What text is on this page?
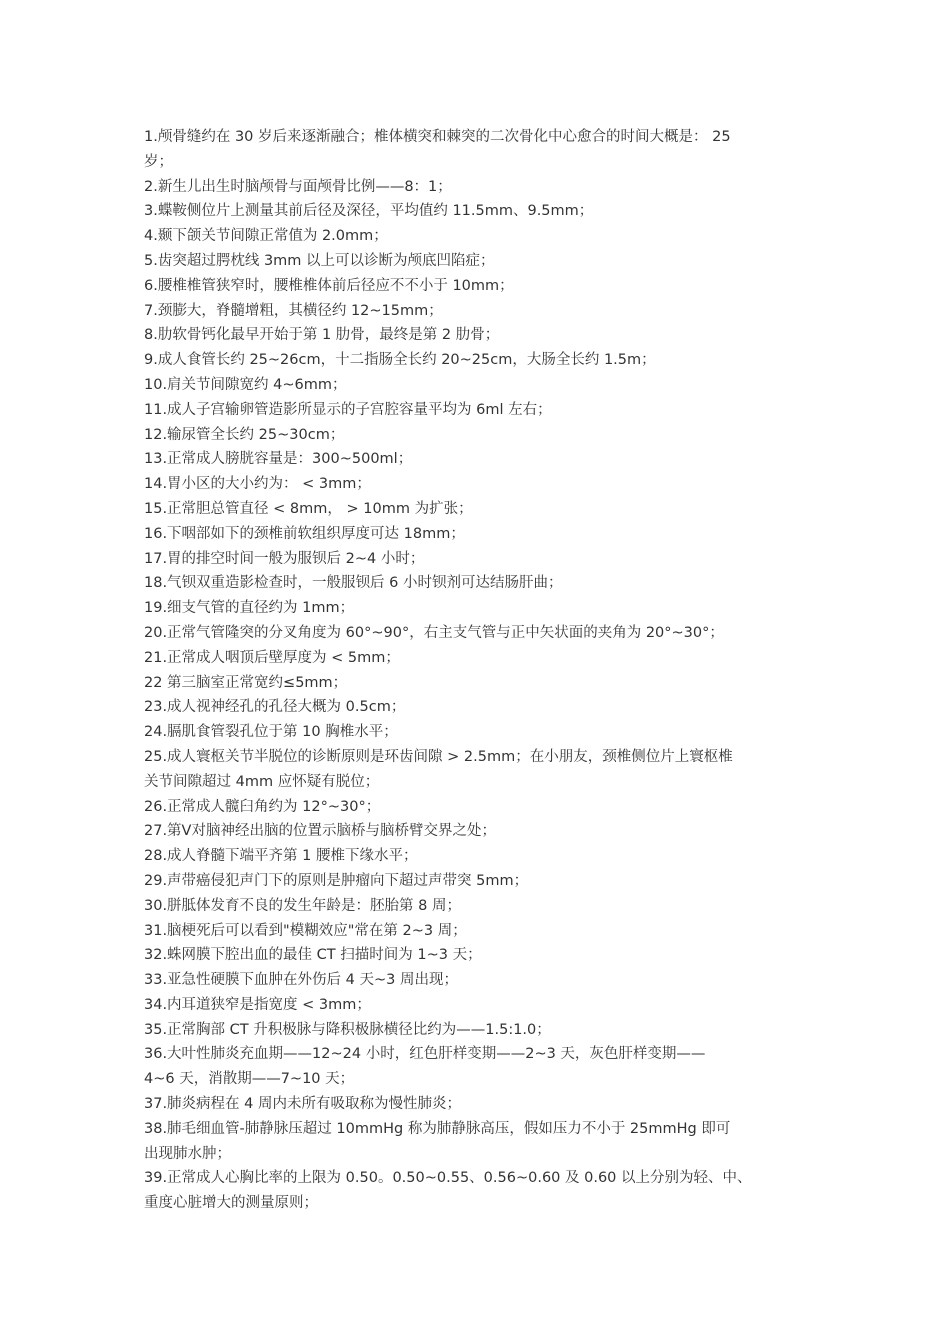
1.颅骨缝约在 30 岁后来逐渐融合；椎体横突和棘突的二次骨化中心愈合的时间大概是： 25
岁；
2.新生儿出生时脑颅骨与面颅骨比例——8：1；
3.蝶鞍侧位片上测量其前后径及深径，平均值约 11.5mm、9.5mm；
4.颞下颌关节间隙正常值为 2.0mm；
5.齿突超过腭枕线 3mm 以上可以诊断为颅底凹陷症；
6.腰椎椎管狭窄时，腰椎椎体前后径应不不小于 10mm；
7.颈膨大，脊髓增粗，其横径约 12~15mm；
8.肋软骨钙化最早开始于第 1 肋骨，最终是第 2 肋骨；
9.成人食管长约 25~26cm，十二指肠全长约 20~25cm，大肠全长约 1.5m；
10.肩关节间隙宽约 4~6mm；
11.成人子宫输卵管造影所显示的子宫腔容量平均为 6ml 左右；
12.输尿管全长约 25~30cm；
13.正常成人膀胱容量是：300~500ml；
14.胃小区的大小约为： < 3mm；
15.正常胆总管直径 < 8mm， > 10mm 为扩张；
16.下咽部如下的颈椎前软组织厚度可达 18mm；
17.胃的排空时间一般为服钡后 2~4 小时；
18.气钡双重造影检查时，一般服钡后 6 小时钡剂可达结肠肝曲；
19.细支气管的直径约为 1mm；
20.正常气管隆突的分叉角度为 60°~90°，右主支气管与正中矢状面的夹角为 20°~30°；
21.正常成人咽顶后壁厚度为 < 5mm；
22 第三脑室正常宽约≤5mm；
23.成人视神经孔的孔径大概为 0.5cm；
24.膈肌食管裂孔位于第 10 胸椎水平；
25.成人寰枢关节半脱位的诊断原则是环齿间隙 > 2.5mm；在小朋友，颈椎侧位片上寰枢椎
关节间隙超过 4mm 应怀疑有脱位；
26.正常成人髋臼角约为 12°~30°；
27.第Ⅴ对脑神经出脑的位置示脑桥与脑桥臂交界之处；
28.成人脊髓下端平齐第 1 腰椎下缘水平；
29.声带癌侵犯声门下的原则是肿瘤向下超过声带突 5mm；
30.胼胝体发育不良的发生年龄是：胚胎第 8 周；
31.脑梗死后可以看到"模糊效应"常在第 2~3 周；
32.蛛网膜下腔出血的最佳 CT 扫描时间为 1~3 天；
33.亚急性硬膜下血肿在外伤后 4 天~3 周出现；
34.内耳道狭窄是指宽度 < 3mm；
35.正常胸部 CT 升积极脉与降积极脉横径比约为——1.5:1.0；
36.大叶性肺炎充血期——12~24 小时，红色肝样变期——2~3 天，灰色肝样变期——
4~6 天，消散期——7~10 天；
37.肺炎病程在 4 周内未所有吸取称为慢性肺炎；
38.肺毛细血管-肺静脉压超过 10mmHg 称为肺静脉高压，假如压力不小于 25mmHg 即可
出现肺水肿；
39.正常成人心胸比率的上限为 0.50。0.50~0.55、0.56~0.60 及 0.60 以上分别为轻、中、
重度心脏增大的测量原则；
